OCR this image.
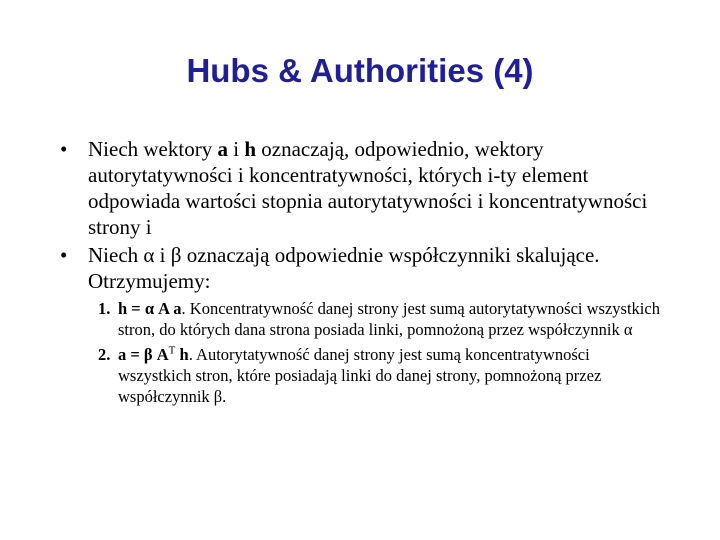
Hubs & Authorities (4)
• Niech wektory a i h oznaczają, odpowiednio, wektory autorytatywności i koncentratywności, których i-ty element odpowiada wartości stopnia autorytatywności i koncentratywności strony i
• Niech α i β oznaczają odpowiednie współczynniki skalujące. Otrzymujemy:
1. h = α A a. Koncentratywność danej strony jest sumą autorytatywności wszystkich stron, do których dana strona posiada linki, pomnożoną przez współczynnik α
2. a = β $A^T$ h. Autorytatywność danej strony jest sumą koncentratywności wszystkich stron, które posiadają linki do danej strony, pomnożoną przez współczynnik β.
